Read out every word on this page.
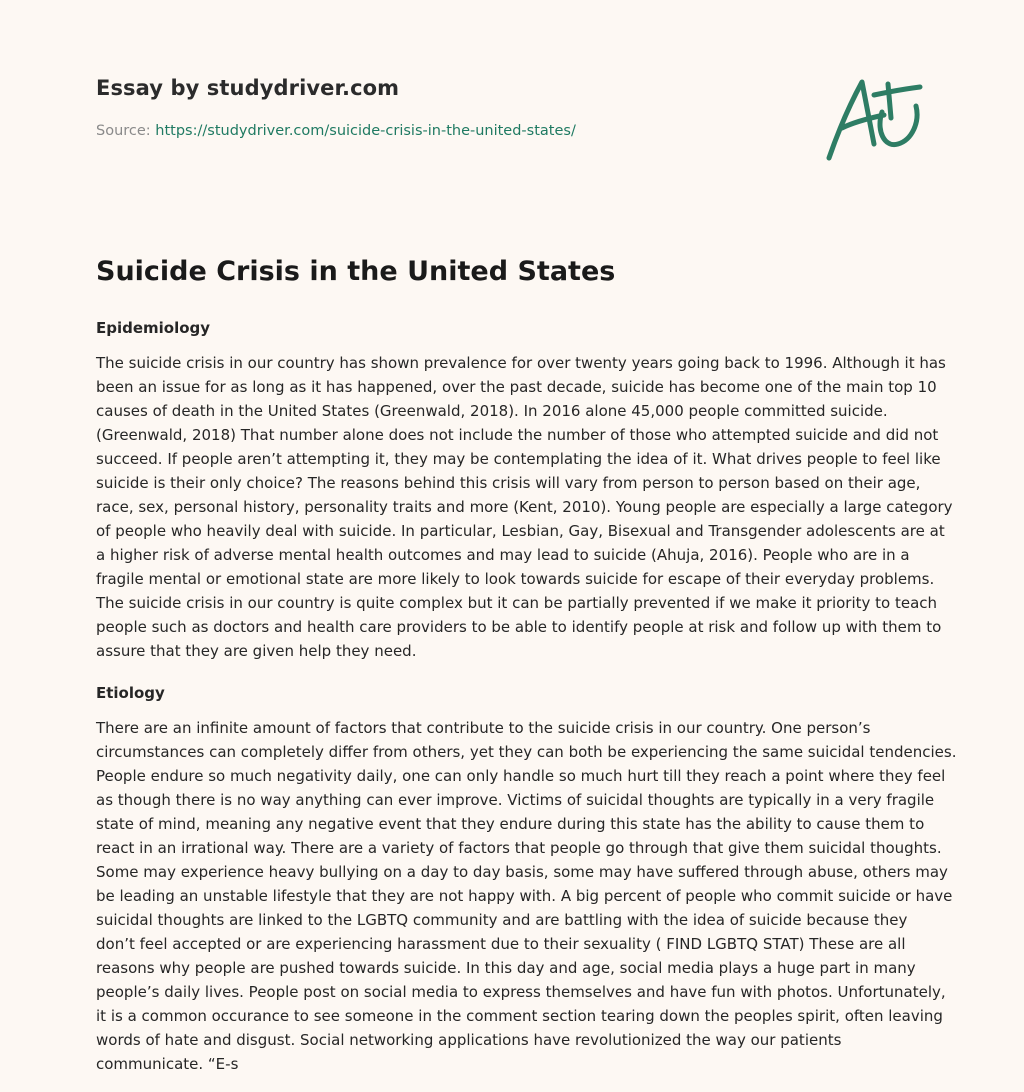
Essay by studydriver.com
Source: https://studydriver.com/suicide-crisis-in-the-united-states/
Suicide Crisis in the United States
Epidemiology
The suicide crisis in our country has shown prevalence for over twenty years going back to 1996. Although it has
been an issue for as long as it has happened, over the past decade, suicide has become one of the main top 10
causes of death in the United States (Greenwald, 2018). In 2016 alone 45,000 people committed suicide.
(Greenwald, 2018) That number alone does not include the number of those who attempted suicide and did not
succeed. If people aren’t attempting it, they may be contemplating the idea of it. What drives people to feel like
suicide is their only choice? The reasons behind this crisis will vary from person to person based on their age,
race, sex, personal history, personality traits and more (Kent, 2010). Young people are especially a large category
of people who heavily deal with suicide. In particular, Lesbian, Gay, Bisexual and Transgender adolescents are at
a higher risk of adverse mental health outcomes and may lead to suicide (Ahuja, 2016). People who are in a
fragile mental or emotional state are more likely to look towards suicide for escape of their everyday problems.
The suicide crisis in our country is quite complex but it can be partially prevented if we make it priority to teach
people such as doctors and health care providers to be able to identify people at risk and follow up with them to
assure that they are given help they need.
Etiology
There are an infinite amount of factors that contribute to the suicide crisis in our country. One person’s
circumstances can completely differ from others, yet they can both be experiencing the same suicidal tendencies.
People endure so much negativity daily, one can only handle so much hurt till they reach a point where they feel
as though there is no way anything can ever improve. Victims of suicidal thoughts are typically in a very fragile
state of mind, meaning any negative event that they endure during this state has the ability to cause them to
react in an irrational way. There are a variety of factors that people go through that give them suicidal thoughts.
Some may experience heavy bullying on a day to day basis, some may have suffered through abuse, others may
be leading an unstable lifestyle that they are not happy with. A big percent of people who commit suicide or have
suicidal thoughts are linked to the LGBTQ community and are battling with the idea of suicide because they
don’t feel accepted or are experiencing harassment due to their sexuality ( FIND LGBTQ STAT) These are all
reasons why people are pushed towards suicide. In this day and age, social media plays a huge part in many
people’s daily lives. People post on social media to express themselves and have fun with photos. Unfortunately,
it is a common occurance to see someone in the comment section tearing down the peoples spirit, often leaving
words of hate and disgust. Social networking applications have revolutionized the way our patients
communicate. “E-s
